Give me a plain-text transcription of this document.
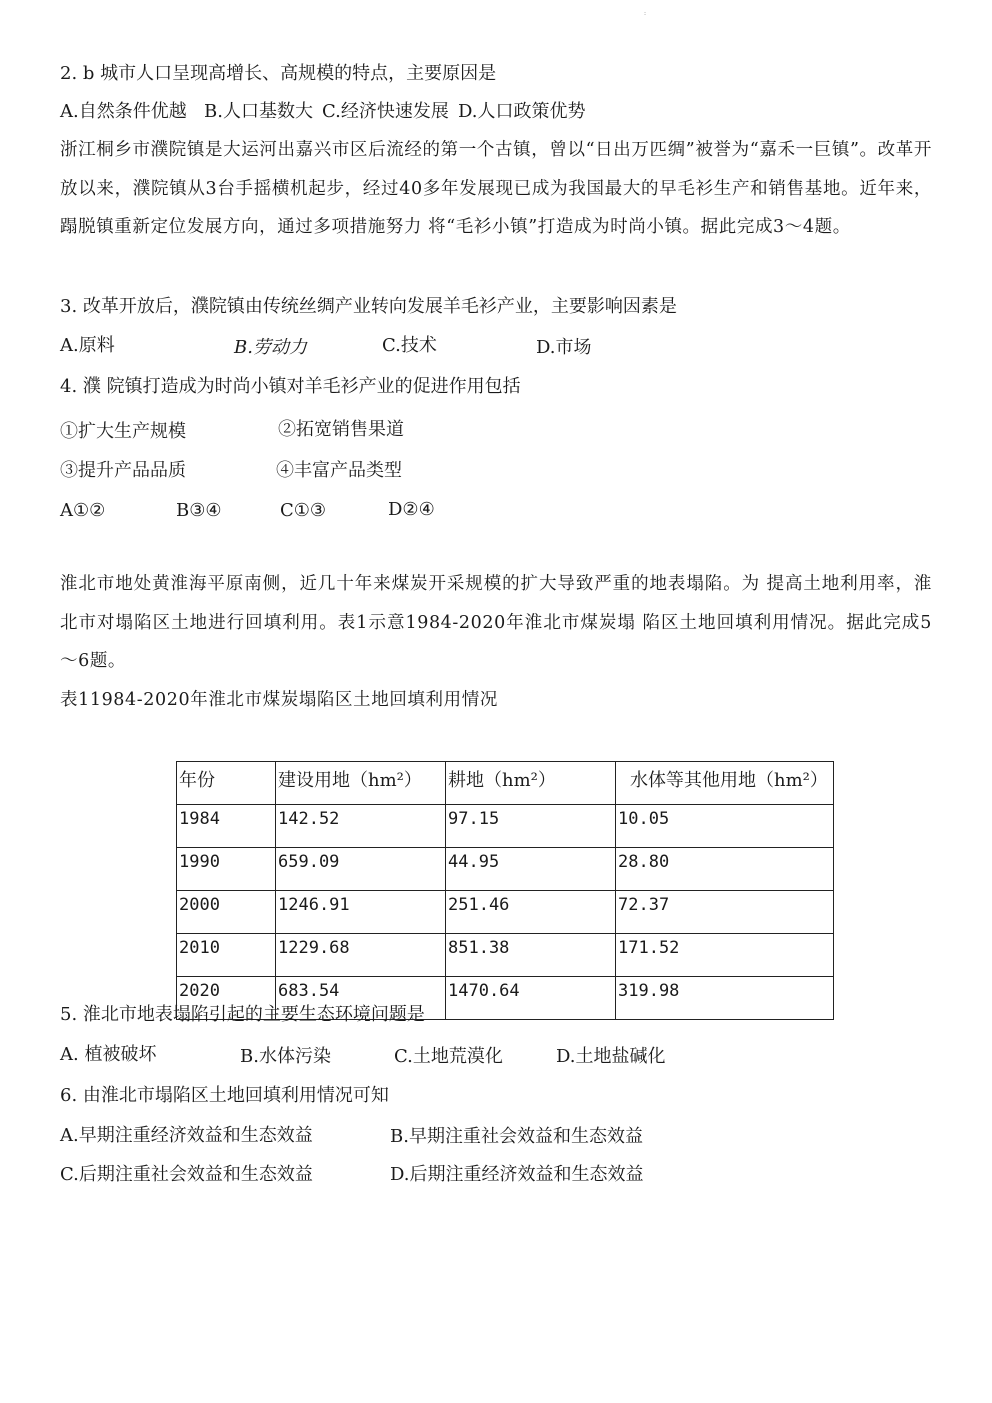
:
2. b 城市人口呈现高增长、高规模的特点，主要原因是
A.自然条件优越 B.人口基数大 C.经济快速发展 D.人口政策优势
浙江桐乡市濮院镇是大运河出嘉兴市区后流经的第一个古镇，曾以“日出万匹绸”被誉为“嘉禾一巨镇”。改革开放以来，濮院镇从3台手摇横机起步，经过40多年发展现已成为我国最大的早毛衫生产和销售基地。近年来，蹋脱镇重新定位发展方向，通过多项措施努力 将“毛衫小镇”打造成为时尚小镇。据此完成3～4题。
3. 改革开放后，濮院镇由传统丝绸产业转向发展羊毛衫产业，主要影响因素是
A.原料	B.劳动力	C.技术	D.市场
4. 濮 院镇打造成为时尚小镇对羊毛衫产业的促进作用包括
①扩大生产规模	②拓宽销售果道
③提升产品品质	④丰富产品类型
A①②	B③④	C①③	D②④
淮北市地处黄淮海平原南侧，近几十年来煤炭开采规模的扩大导致严重的地表塌陷。为 提高土地利用率，淮北市对塌陷区土地进行回填利用。表1示意1984-2020年淮北市煤炭塌 陷区土地回填利用情况。据此完成5～6题。
表11984-2020年淮北市煤炭塌陷区土地回填利用情况
年份	建设用地（hm²）	耕地（hm²）	水体等其他用地（hm²）
1984	142.52	97.15	10.05
1990	659.09	44.95	28.80
2000	1246.91	251.46	72.37
2010	1229.68	851.38	171.52
2020	683.54	1470.64	319.98
5. 淮北市地表塌陷引起的主要生态环境问题是
A. 植被破坏	B.水体污染	C.土地荒漠化	D.土地盐碱化
6. 由淮北市塌陷区土地回填利用情况可知
A.早期注重经济效益和生态效益	B.早期注重社会效益和生态效益
C.后期注重社会效益和生态效益	D.后期注重经济效益和生态效益
